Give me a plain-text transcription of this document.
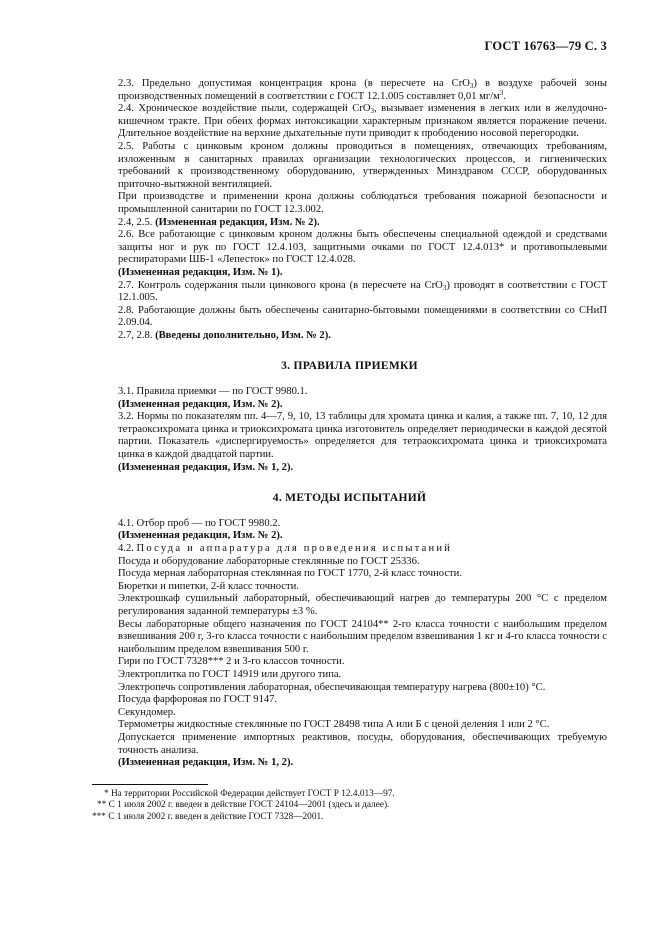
ГОСТ 16763—79 С. 3

2.3. Предельно допустимая концентрация крона (в пересчете на CrO$_3$) в воздухе рабочей зоны производственных помещений в соответствии с ГОСТ 12.1.005 составляет 0,01 $мг/м^3$.

2.4. Хроническое воздействие пыли, содержащей CrO$_3$, вызывает изменения в легких или в желудочно-кишечном тракте. При обеих формах интоксикации характерным признаком является поражение печени. Длительное воздействие на верхние дыхательные пути приводит к прободению носовой перегородки.

2.5. Работы с цинковым кроном должны проводиться в помещениях, отвечающих требованиям, изложенным в санитарных правилах организации технологических процессов, и гигиенических требований к производственному оборудованию, утвержденных Минздравом СССР, оборудованных приточно-вытяжной вентиляцией.

При производстве и применении крона должны соблюдаться требования пожарной безопасности и промышленной санитарии по ГОСТ 12.3.002.

2.4, 2.5. (Измененная редакция, Изм. № 2).

2.6. Все работающие с цинковым кроном должны быть обеспечены специальной одеждой и средствами защиты ног и рук по ГОСТ 12.4.103, защитными очками по ГОСТ 12.4.013* и противопылевыми респираторами ШБ-1 «Лепесток» по ГОСТ 12.4.028.

(Измененная редакция, Изм. № 1).

2.7. Контроль содержания пыли цинкового крона (в пересчете на CrO$_3$) проводят в соответствии с ГОСТ 12.1.005.

2.8. Работающие должны быть обеспечены санитарно-бытовыми помещениями в соответствии со СНиП 2.09.04.

2.7, 2.8. (Введены дополнительно, Изм. № 2).

3. ПРАВИЛА ПРИЕМКИ

3.1. Правила приемки — по ГОСТ 9980.1.

(Измененная редакция, Изм. № 2).

3.2. Нормы по показателям пп. 4—7, 9, 10, 13 таблицы для хромата цинка и калия, а также пп. 7, 10, 12 для тетраоксихромата цинка и триоксихромата цинка изготовитель определяет периодически в каждой десятой партии. Показатель «диспергируемость» определяется для тетраоксихромата цинка и триоксихромата цинка в каждой двадцатой партии.

(Измененная редакция, Изм. № 1, 2).

4. МЕТОДЫ ИСПЫТАНИЙ

4.1. Отбор проб — по ГОСТ 9980.2.

(Измененная редакция, Изм. № 2).

4.2. Посуда и аппаратура для проведения испытаний

Посуда и оборудование лабораторные стеклянные по ГОСТ 25336.

Посуда мерная лабораторная стеклянная по ГОСТ 1770, 2-й класс точности.

Бюретки и пипетки, 2-й класс точности.

Электрошкаф сушильный лабораторный, обеспечивающий нагрев до температуры 200 °С с пределом регулирования заданной температуры ±3 %.

Весы лабораторные общего назначения по ГОСТ 24104** 2-го класса точности с наибольшим пределом взвешивания 200 г, 3-го класса точности с наибольшим пределом взвешивания 1 кг и 4-го класса точности с наибольшим пределом взвешивания 500 г.

Гири по ГОСТ 7328*** 2 и 3-го классов точности.

Электроплитка по ГОСТ 14919 или другого типа.

Электропечь сопротивления лабораторная, обеспечивающая температуру нагрева (800±10) °С.

Посуда фарфоровая по ГОСТ 9147.

Секундомер.

Термометры жидкостные стеклянные по ГОСТ 28498 типа А или Б с ценой деления 1 или 2 °С.

Допускается применение импортных реактивов, посуды, оборудования, обеспечивающих требуемую точность анализа.

(Измененная редакция, Изм. № 1, 2).

* На территории Российской Федерации действует ГОСТ Р 12.4.013—97.

** С 1 июля 2002 г. введен в действие ГОСТ 24104—2001 (здесь и далее).

*** С 1 июля 2002 г. введен в действие ГОСТ 7328—2001.
